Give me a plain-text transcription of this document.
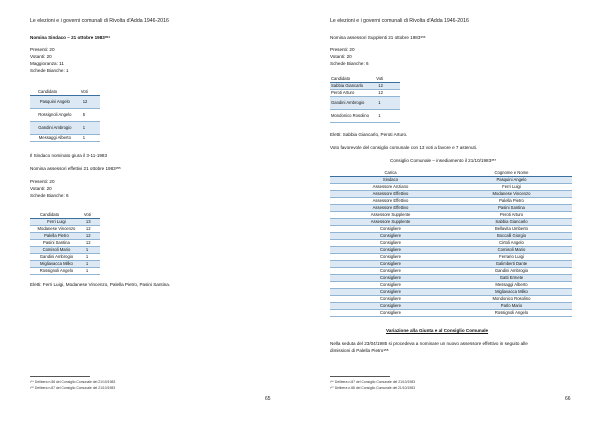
Le elezioni e i governi comunali di Rivolta d'Adda 1946-2016
Nomina Sindaco – 21 ottobre 1983$^{354}$
Presenti: 20
Votanti: 20
Maggioranza: 11
Schede Bianche: 1
Candidato	Voti
Pasquini Angelo	12
Rossignoli Angelo	5
Gandini Ambrogio	1
Messaggi Alberto	1
Il Sindaco nominato giura il 3-11-1983
Nomina assessori effettivi 21 ottobre 1983$^{355}$
Presenti: 20
Votanti: 20
Schede Bianche: 6
Candidato	Voti
Ferri Luigi	13
Modanese Vincenzo	12
Palella Pietro	12
Pasini Santina	12
Comisoli Mario	1
Gandini Ambrogio	1
Migliavacca Milko	1
Rossignoli Angelo	1
Eletti: Ferri Luigi, Modanese Vincenzo, Palella Pietro, Pasini Santina.
³⁵⁴ Delibera n.86 del Consiglio Comunale del 21/10/1983
³⁵⁵ Delibera n.87 del Consiglio Comunale del 21/10/1983
65
Le elezioni e i governi comunali di Rivolta d'Adda 1946-2016
Nomina assessori Supplenti 21 ottobre 1983$^{356}$
Presenti: 20
Votanti: 20
Schede Bianche: 6
Candidato	Voti
Sabbia Giancarlo	12
Peroti Arturo	12
Gandini Ambrogio	1
Mondonico Rosolino	1
Eletti: Sabbia Giancarlo, Peroti Arturo.
Voto favorevole del consiglio comunale con 13 voti a favore e 7 astenuti.
Consiglio Comunale – insediamento il 21/10/1983$^{357}$
Carica	Cognome e Nome
Sindaco	Pasquini Angelo
Assessore Anziano	Ferri Luigi
Assessore Effettivo	Modanese Vincenzo
Assessore Effettivo	Palella Pietro
Assessore Effettivo	Pasini Santina
Assessore Supplente	Peroti Arturo
Assessore Supplente	Sabbia Giancarlo
Consigliere	Bellavita Umberto
Consigliere	Boccalli Giorgio
Consigliere	Cirtoli Angelo
Consigliere	Comisoli Mario
Consigliere	Ferrario Luigi
Consigliere	Galimberti Dante
Consigliere	Gandini Ambrogio
Consigliere	Gatti Ermete
Consigliere	Messaggi Alberto
Consigliere	Migliavacca Milko
Consigliere	Mondonico Rosolino
Consigliere	Parlo Mario
Consigliere	Rossignoli Angelo
Variazione alla Giunta e al Consiglio Comunale
Nella seduta del 23/04/1985 si procedeva a nominare un nuovo assessore effettivo in seguito alle
dimissioni di Palella Pietro$^{358}$
³⁵⁶ Delibera n.87 del Consiglio Comunale del 21/10/1983
³⁵⁷ Delibera n.88 del Consiglio Comunale del 21/10/1983
66
